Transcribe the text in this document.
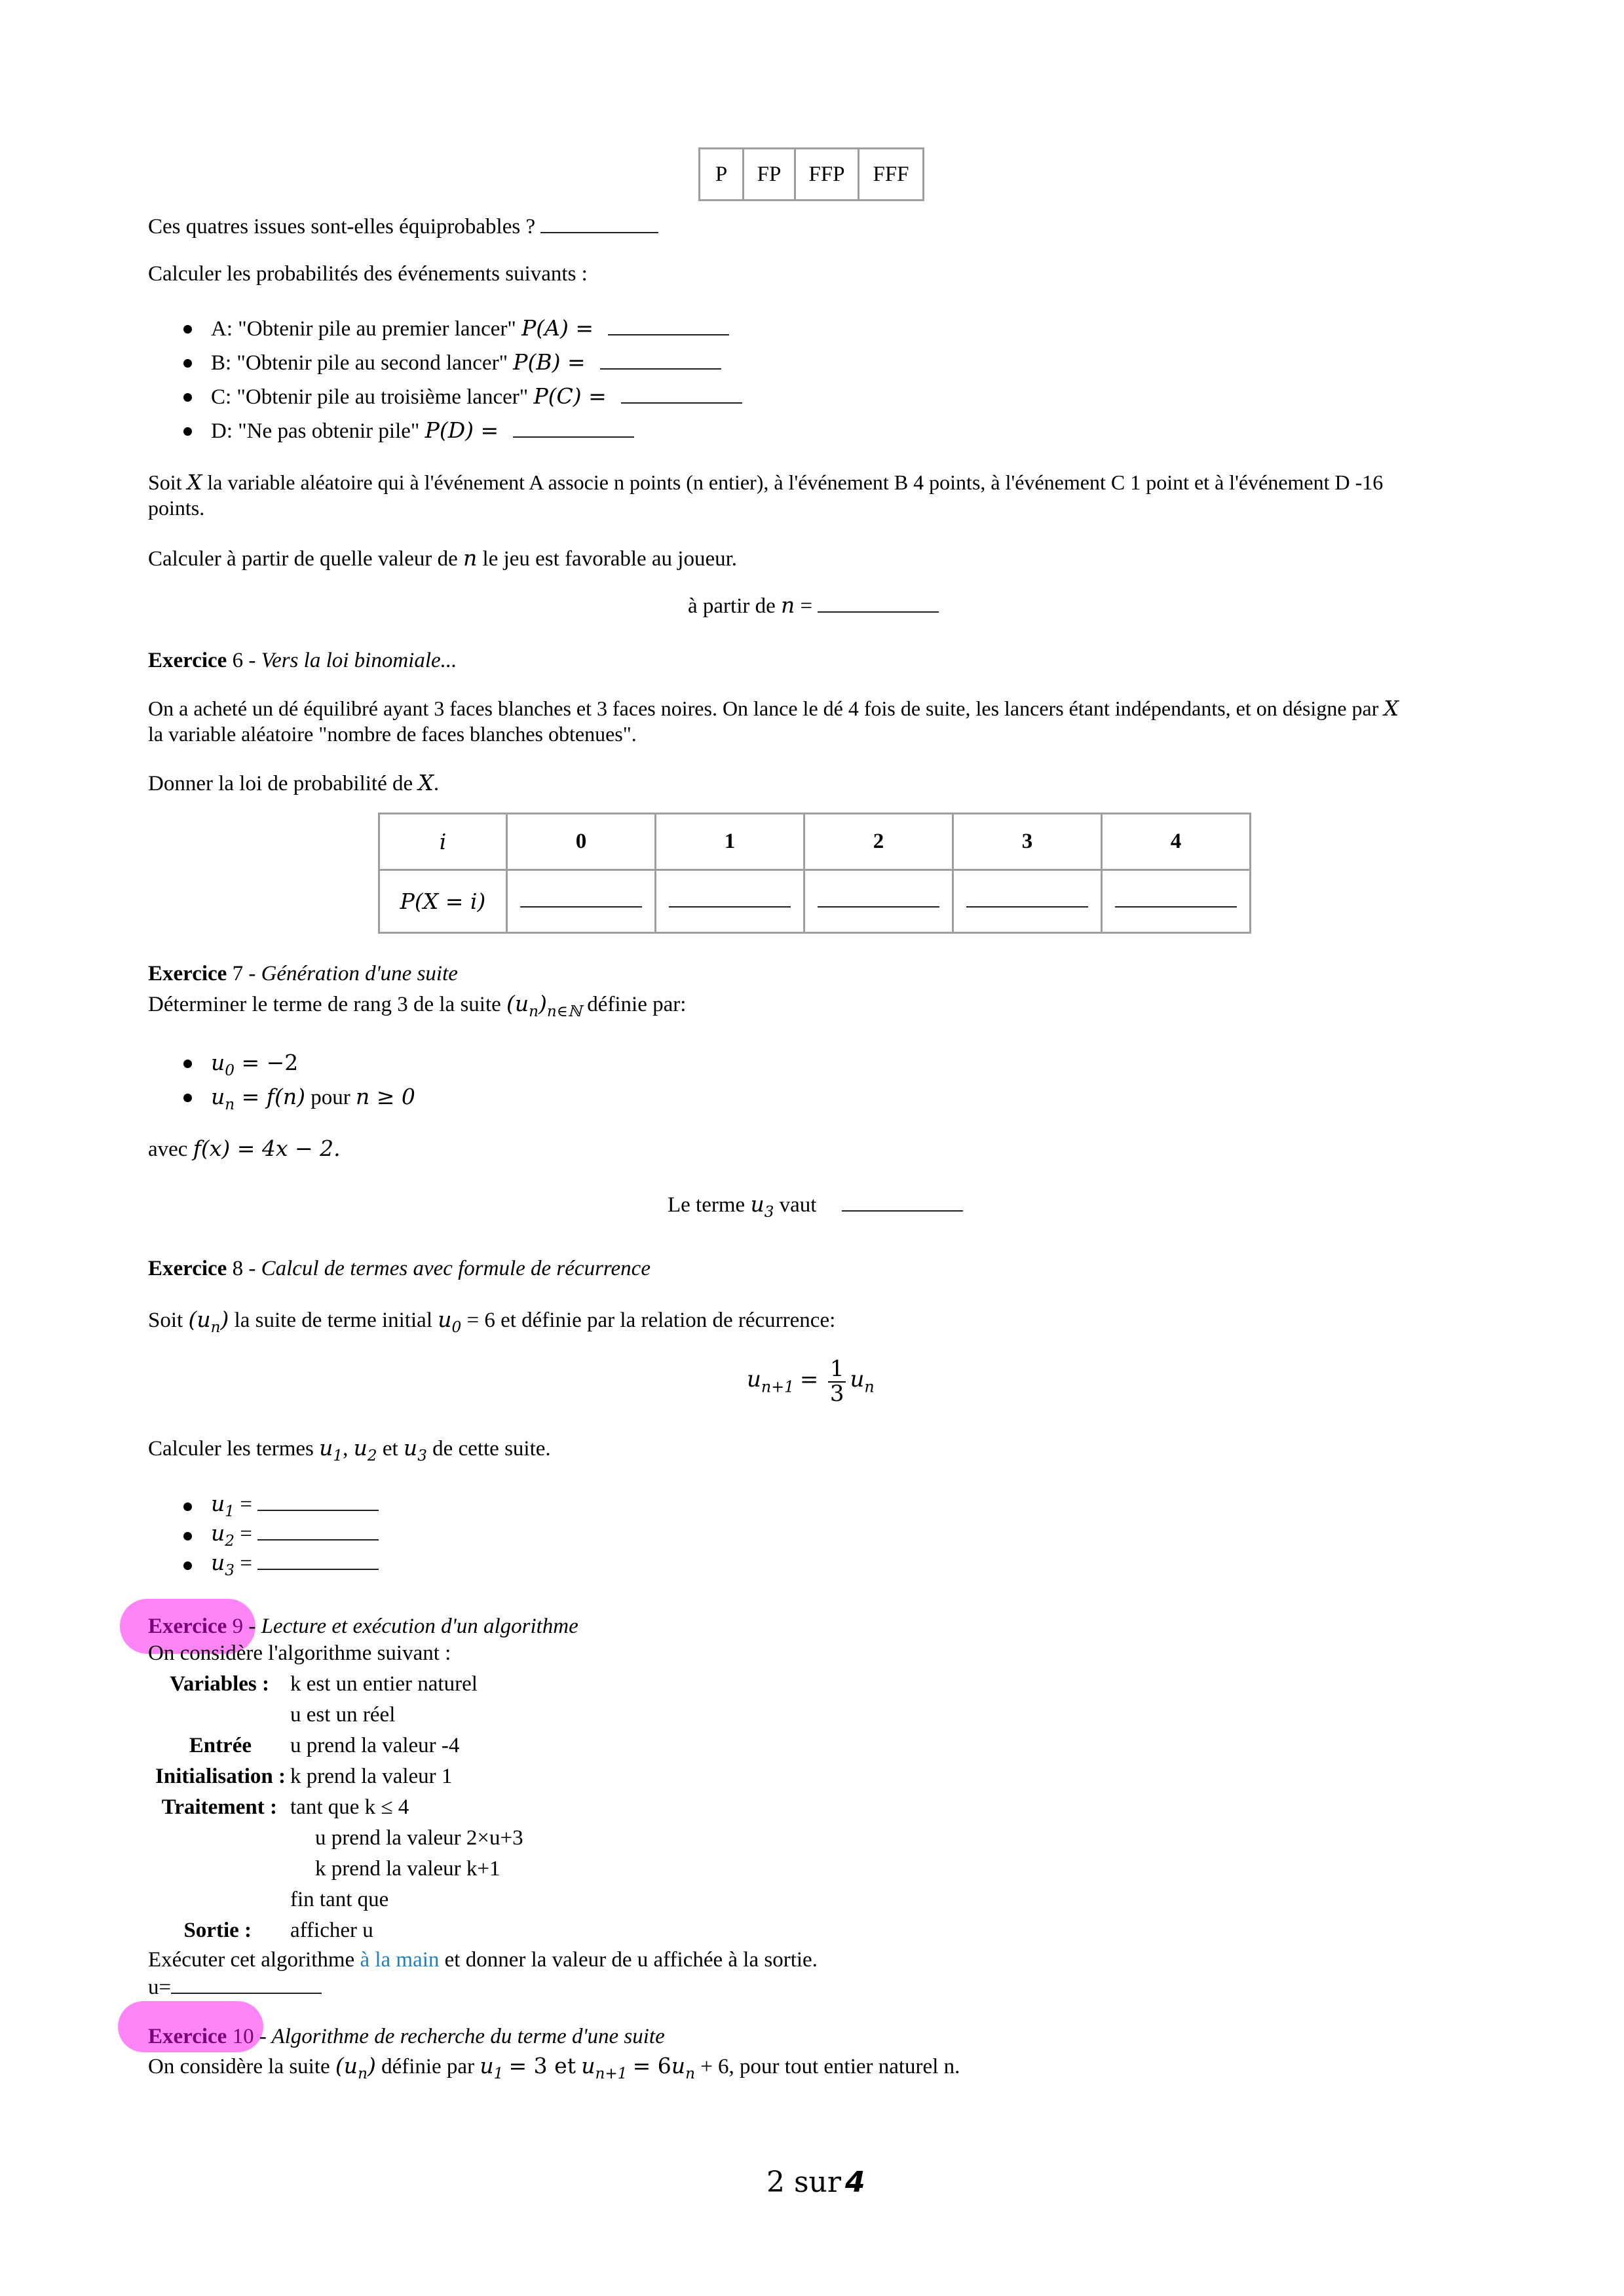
P	FP	FFP	FFF
Ces quatres issues sont-elles équiprobables ?
Calculer les probabilités des événements suivants :
A: "Obtenir pile au premier lancer" P(A) =
B: "Obtenir pile au second lancer" P(B) =
C: "Obtenir pile au troisième lancer" P(C) =
D: "Ne pas obtenir pile" P(D) =
Soit X la variable aléatoire qui à l'événement A associe n points (n entier), à l'événement B 4 points, à l'événement C 1 point et à l'événement D -16
points.
Calculer à partir de quelle valeur de n le jeu est favorable au joueur.
à partir de n =
Exercice 6 - Vers la loi binomiale...
On a acheté un dé équilibré ayant 3 faces blanches et 3 faces noires. On lance le dé 4 fois de suite, les lancers étant indépendants, et on désigne par X
la variable aléatoire "nombre de faces blanches obtenues".
Donner la loi de probabilité de X.
i	0	1	2	3	4
P(X = i)					
Exercice 7 - Génération d'une suite
Déterminer le terme de rang 3 de la suite $(u_n)_{n\in ℕ}$ définie par:
$u_0 = -2$
$u_n = f(n)$ pour n ≥ 0
avec f(x) = 4x − 2.
Le terme $u_3$ vaut
Exercice 8 - Calcul de termes avec formule de récurrence
Soit $(u_n)$ la suite de terme initial $u_0 = 6$ et définie par la relation de récurrence:
$u_{n+1} = \frac{1}{3} u_n$
Calculer les termes $u_1$, $u_2$ et $u_3$ de cette suite.
$u_1$ =
$u_2$ =
$u_3$ =
Exercice 9 - Lecture et exécution d'un algorithme
On considère l'algorithme suivant :
Variables : k est un entier naturel
u est un réel
Entrée u prend la valeur -4
Initialisation : k prend la valeur 1
Traitement : tant que k ≤ 4
u prend la valeur 2×u+3
k prend la valeur k+1
fin tant que
Sortie : afficher u
Exécuter cet algorithme à la main et donner la valeur de u affichée à la sortie.
u=
Exercice 10 - Algorithme de recherche du terme d'une suite
On considère la suite $(u_n)$ définie par $u_1 = 3$ et $u_{n+1} = 6u_n + 6$, pour tout entier naturel n.
2 sur 4
